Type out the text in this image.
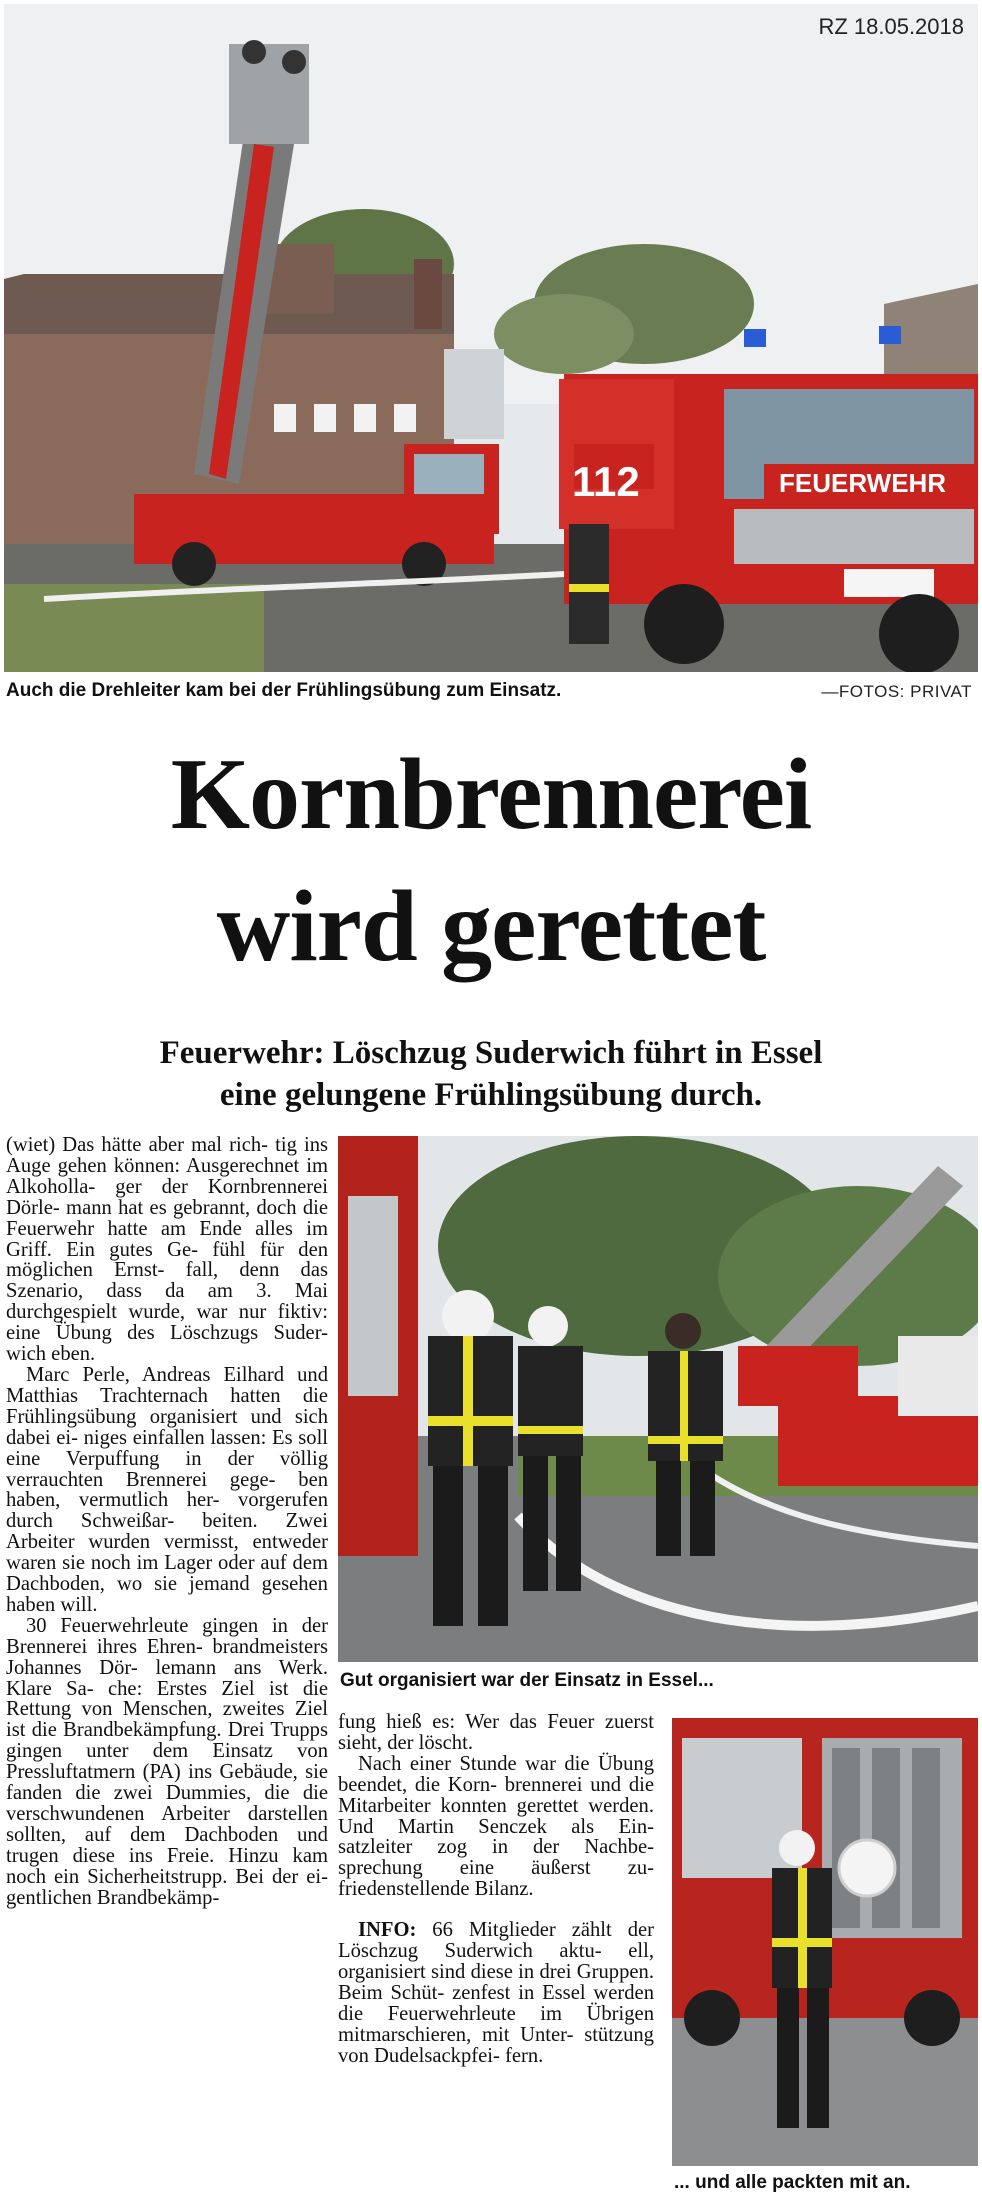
RZ 18.05.2018
112	FEUERWEHR
Auch die Drehleiter kam bei der Frühlingsübung zum Einsatz.	—FOTOS: PRIVAT
Kornbrennerei
wird gerettet
Feuerwehr: Löschzug Suderwich führt in Essel
eine gelungene Frühlingsübung durch.

(wiet) Das hätte aber mal rich- tig ins Auge gehen können: Ausgerechnet im Alkoholla- ger der Kornbrennerei Dörle- mann hat es gebrannt, doch die Feuerwehr hatte am Ende alles im Griff. Ein gutes Ge- fühl für den möglichen Ernst- fall, denn das Szenario, dass da am 3. Mai durchgespielt wurde, war nur fiktiv: eine Übung des Löschzugs Suder- wich eben.

Marc Perle, Andreas Eilhard und Matthias Trachternach hatten die Frühlingsübung organisiert und sich dabei ei- niges einfallen lassen: Es soll eine Verpuffung in der völlig verrauchten Brennerei gege- ben haben, vermutlich her- vorgerufen durch Schweißar- beiten. Zwei Arbeiter wurden vermisst, entweder waren sie noch im Lager oder auf dem Dachboden, wo sie jemand gesehen haben will.

30 Feuerwehrleute gingen in der Brennerei ihres Ehren- brandmeisters Johannes Dör- lemann ans Werk. Klare Sa- che: Erstes Ziel ist die Rettung von Menschen, zweites Ziel ist die Brandbekämpfung. Drei Trupps gingen unter dem Einsatz von Pressluftatmern (PA) ins Gebäude, sie fanden die zwei Dummies, die die verschwundenen Arbeiter darstellen sollten, auf dem Dachboden und trugen diese ins Freie. Hinzu kam noch ein Sicherheitstrupp. Bei der ei- gentlichen Brandbekämp-

Gut organisiert war der Einsatz in Essel...

fung hieß es: Wer das Feuer zuerst sieht, der löscht.

Nach einer Stunde war die Übung beendet, die Korn- brennerei und die Mitarbeiter konnten gerettet werden. Und Martin Senczek als Ein- satzleiter zog in der Nachbe- sprechung eine äußerst zu- friedenstellende Bilanz.

INFO: 66 Mitglieder zählt der Löschzug Suderwich aktu- ell, organisiert sind diese in drei Gruppen. Beim Schüt- zenfest in Essel werden die Feuerwehrleute im Übrigen mitmarschieren, mit Unter- stützung von Dudelsackpfei- fern.

... und alle packten mit an.
